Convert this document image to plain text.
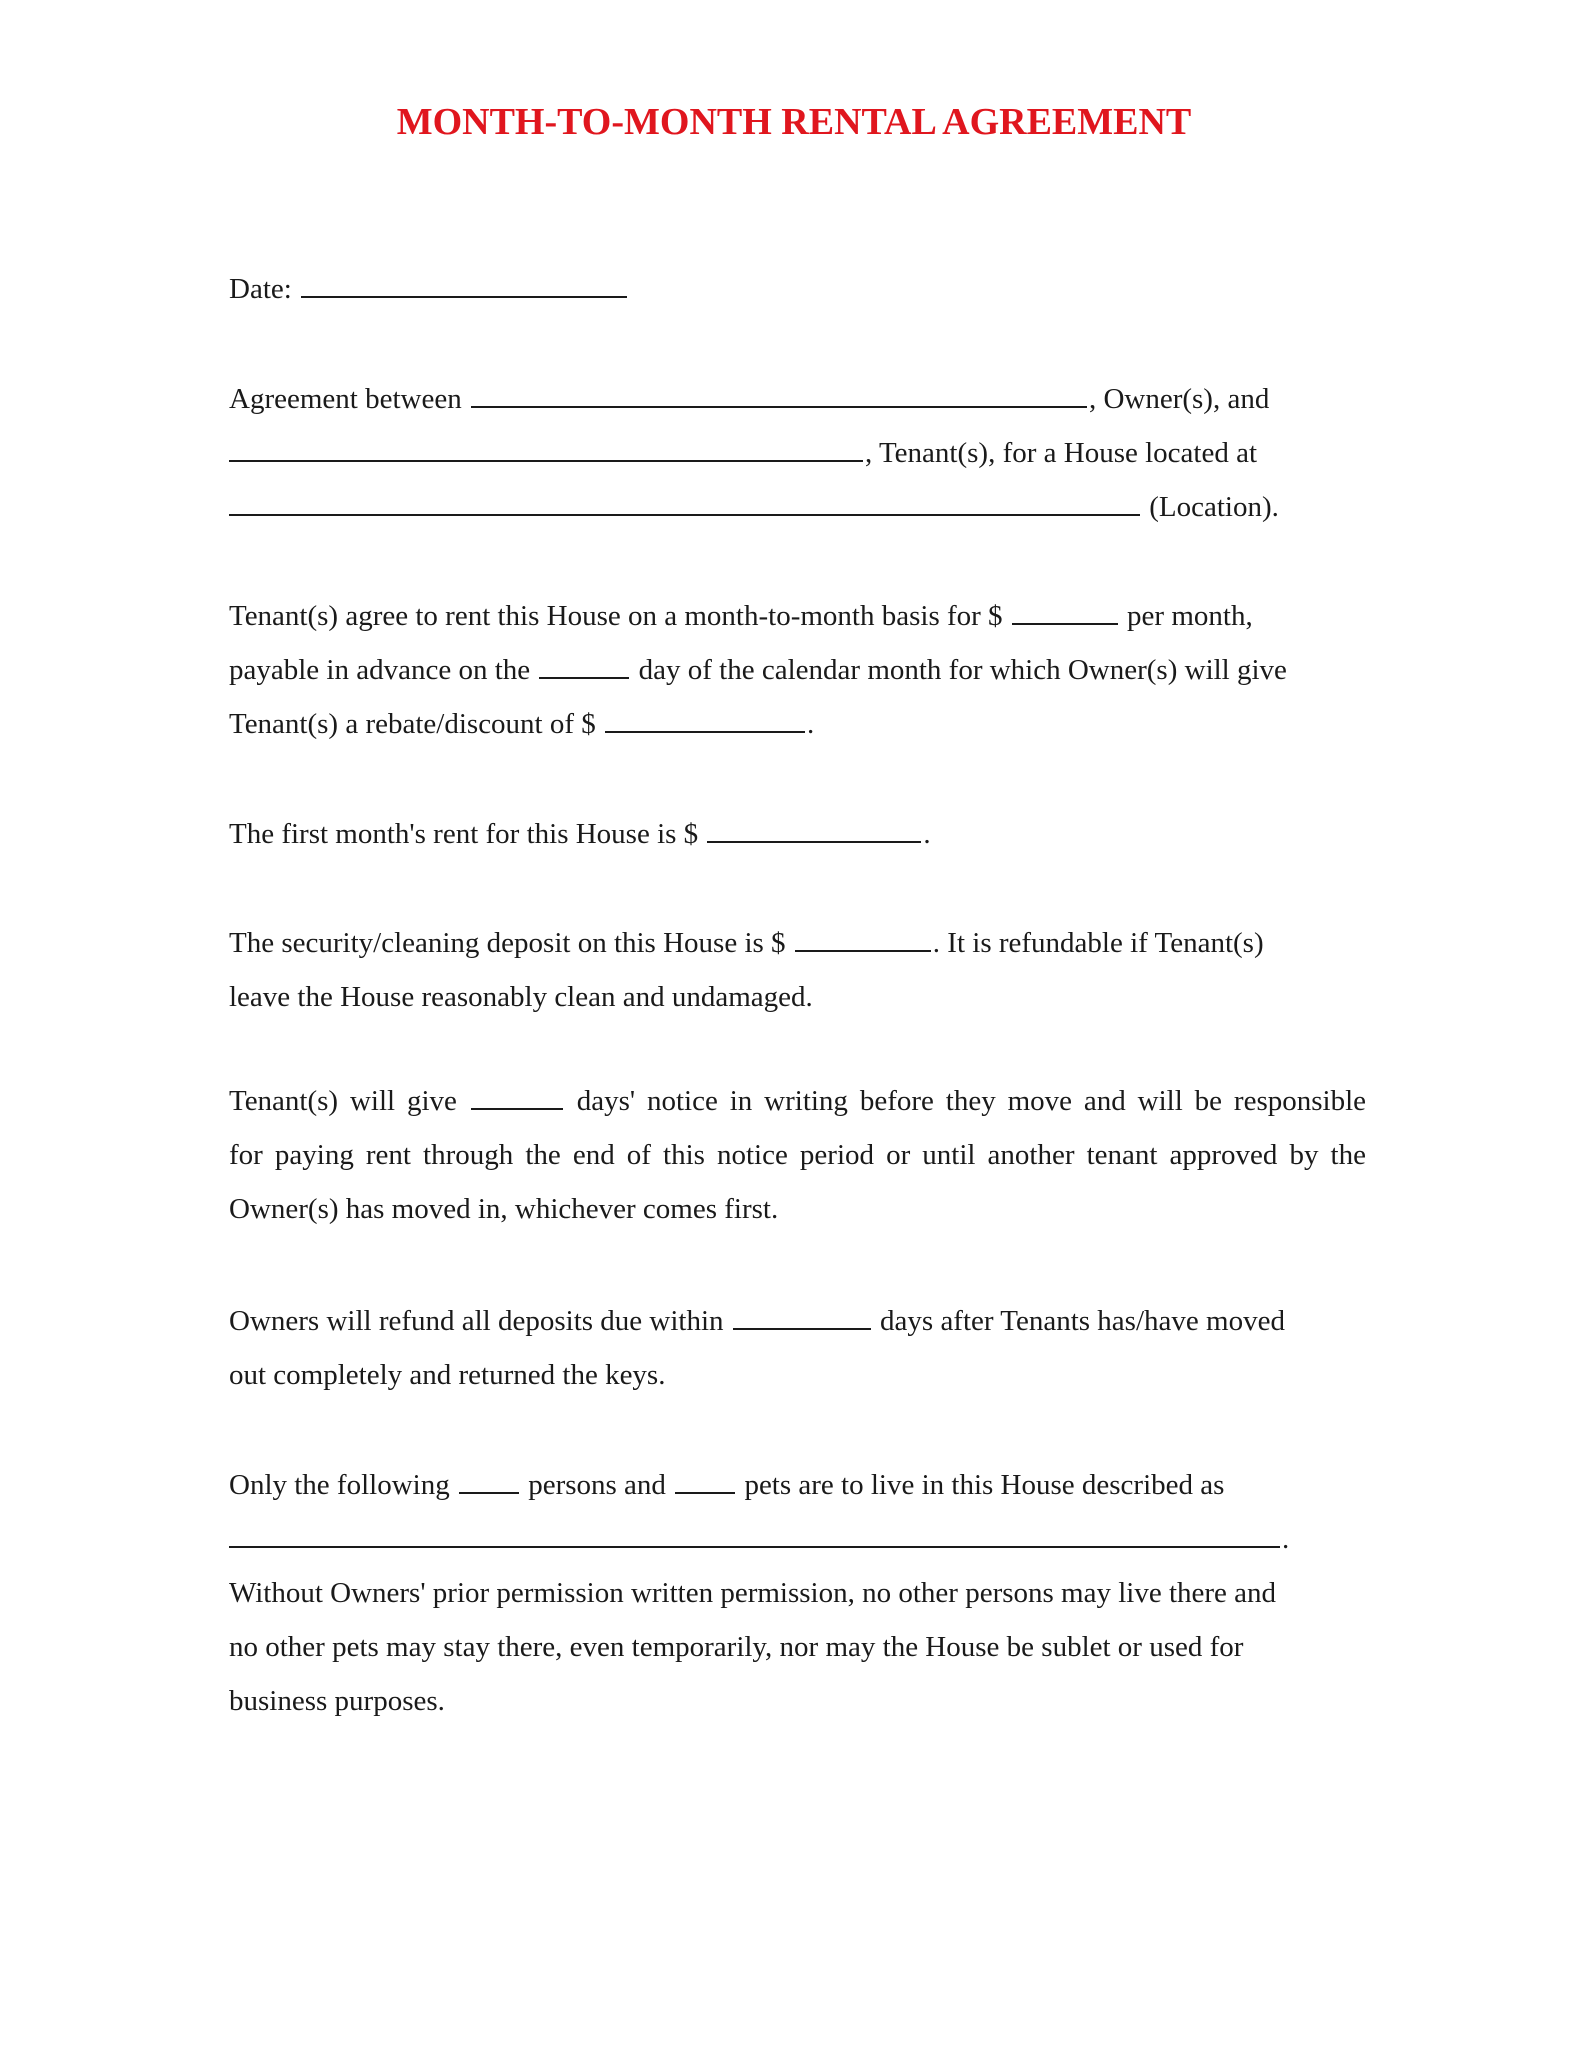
MONTH-TO-MONTH RENTAL AGREEMENT
Date:
Agreement between	, Owner(s), and
, Tenant(s), for a House located at
(Location).
Tenant(s) agree to rent this House on a month-to-month basis for $	per month,
payable in advance on the	day of the calendar month for which Owner(s) will give
Tenant(s) a rebate/discount of $	.
The first month's rent for this House is $	.
The security/cleaning deposit on this House is $	. It is refundable if Tenant(s)
leave the House reasonably clean and undamaged.
Tenant(s) will give	days' notice in writing before they move and will be responsible
for paying rent through the end of this notice period or until another tenant approved by the
Owner(s) has moved in, whichever comes first.
Owners will refund all deposits due within	days after Tenants has/have moved
out completely and returned the keys.
Only the following	persons and	pets are to live in this House described as
.
Without Owners' prior permission written permission, no other persons may live there and
no other pets may stay there, even temporarily, nor may the House be sublet or used for
business purposes.
